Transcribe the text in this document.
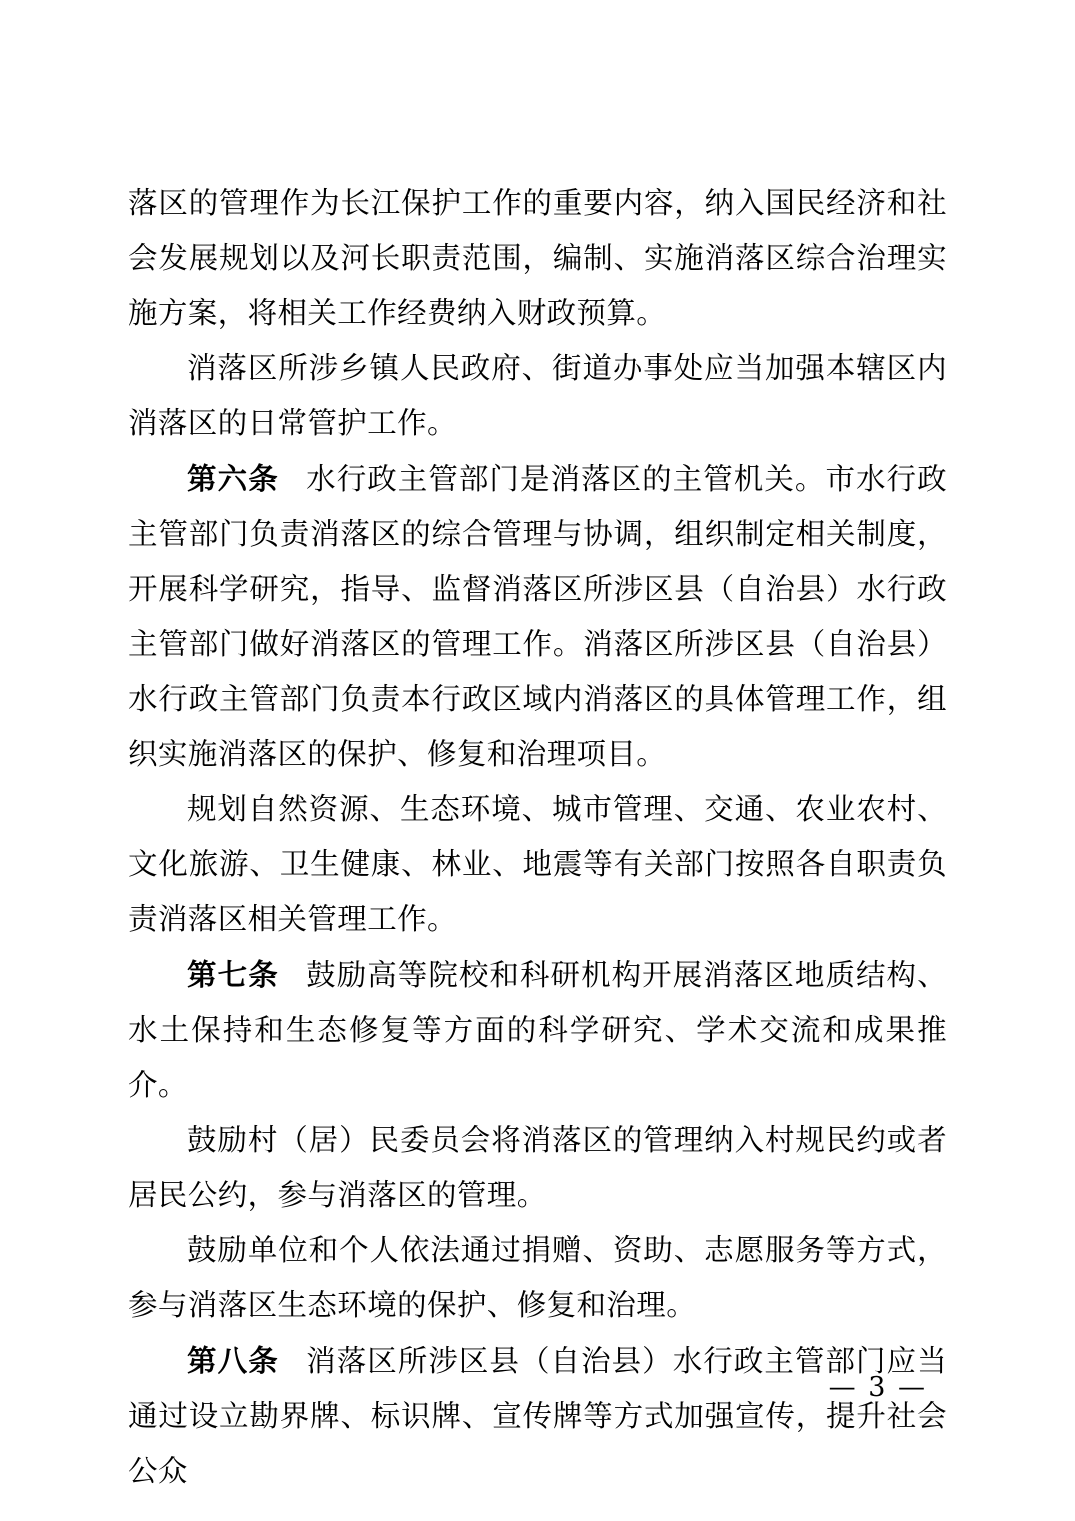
落区的管理作为长江保护工作的重要内容，纳入国民经济和社会发展规划以及河长职责范围，编制、实施消落区综合治理实施方案，将相关工作经费纳入财政预算。

消落区所涉乡镇人民政府、街道办事处应当加强本辖区内消落区的日常管护工作。

第六条 水行政主管部门是消落区的主管机关。市水行政主管部门负责消落区的综合管理与协调，组织制定相关制度，开展科学研究，指导、监督消落区所涉区县（自治县）水行政主管部门做好消落区的管理工作。消落区所涉区县（自治县）水行政主管部门负责本行政区域内消落区的具体管理工作，组织实施消落区的保护、修复和治理项目。

规划自然资源、生态环境、城市管理、交通、农业农村、文化旅游、卫生健康、林业、地震等有关部门按照各自职责负责消落区相关管理工作。

第七条 鼓励高等院校和科研机构开展消落区地质结构、水土保持和生态修复等方面的科学研究、学术交流和成果推介。

鼓励村（居）民委员会将消落区的管理纳入村规民约或者居民公约，参与消落区的管理。

鼓励单位和个人依法通过捐赠、资助、志愿服务等方式，参与消落区生态环境的保护、修复和治理。

第八条 消落区所涉区县（自治县）水行政主管部门应当通过设立勘界牌、标识牌、宣传牌等方式加强宣传，提升社会公众

— 3 —
